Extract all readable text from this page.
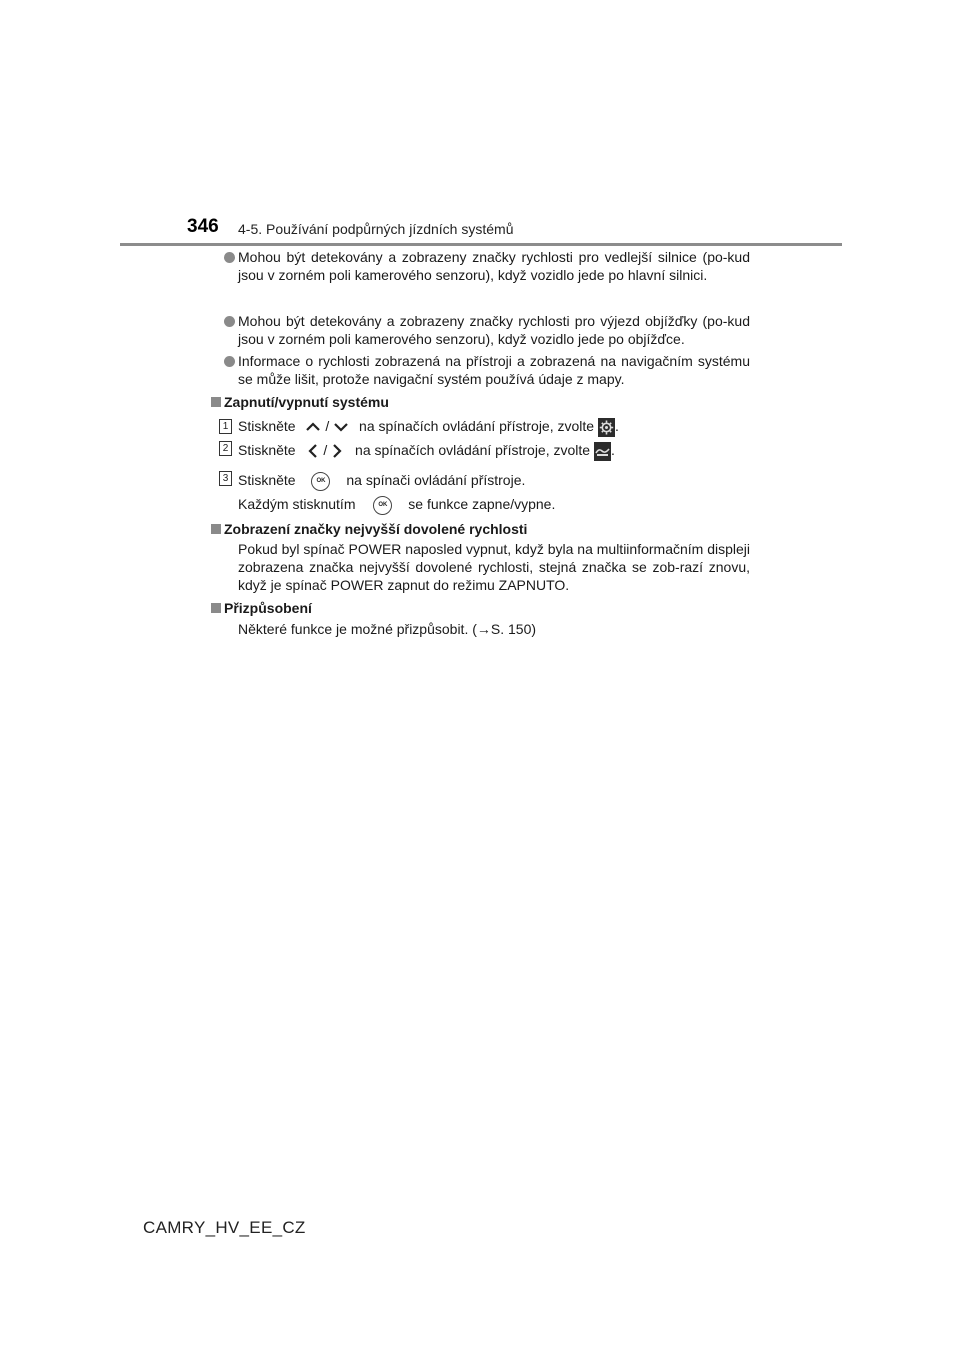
346 4-5. Používání podpůrných jízdních systémů
Mohou být detekovány a zobrazeny značky rychlosti pro vedlejší silnice (po-kud jsou v zorném poli kamerového senzoru), když vozidlo jede po hlavní silnici.
Mohou být detekovány a zobrazeny značky rychlosti pro výjezd objížďky (po-kud jsou v zorném poli kamerového senzoru), když vozidlo jede po objížďce.
Informace o rychlosti zobrazená na přístroji a zobrazená na navigačním systému se může lišit, protože navigační systém používá údaje z mapy.
Zapnutí/vypnutí systému
1 Stiskněte / na spínačích ovládání přístroje, zvolte .
2 Stiskněte / na spínačích ovládání přístroje, zvolte .
3 Stiskněte	OK na spínači ovládání přístroje.
Každým stisknutím	OK se funkce zapne/vypne.
Zobrazení značky nejvyšší dovolené rychlosti
Pokud byl spínač POWER naposled vypnut, když byla na multiinformačním displeji zobrazena značka nejvyšší dovolené rychlosti, stejná značka se zob-razí znovu, když je spínač POWER zapnut do režimu ZAPNUTO.
Přizpůsobení
Některé funkce je možné přizpůsobit. (→S. 150)
CAMRY_HV_EE_CZ
